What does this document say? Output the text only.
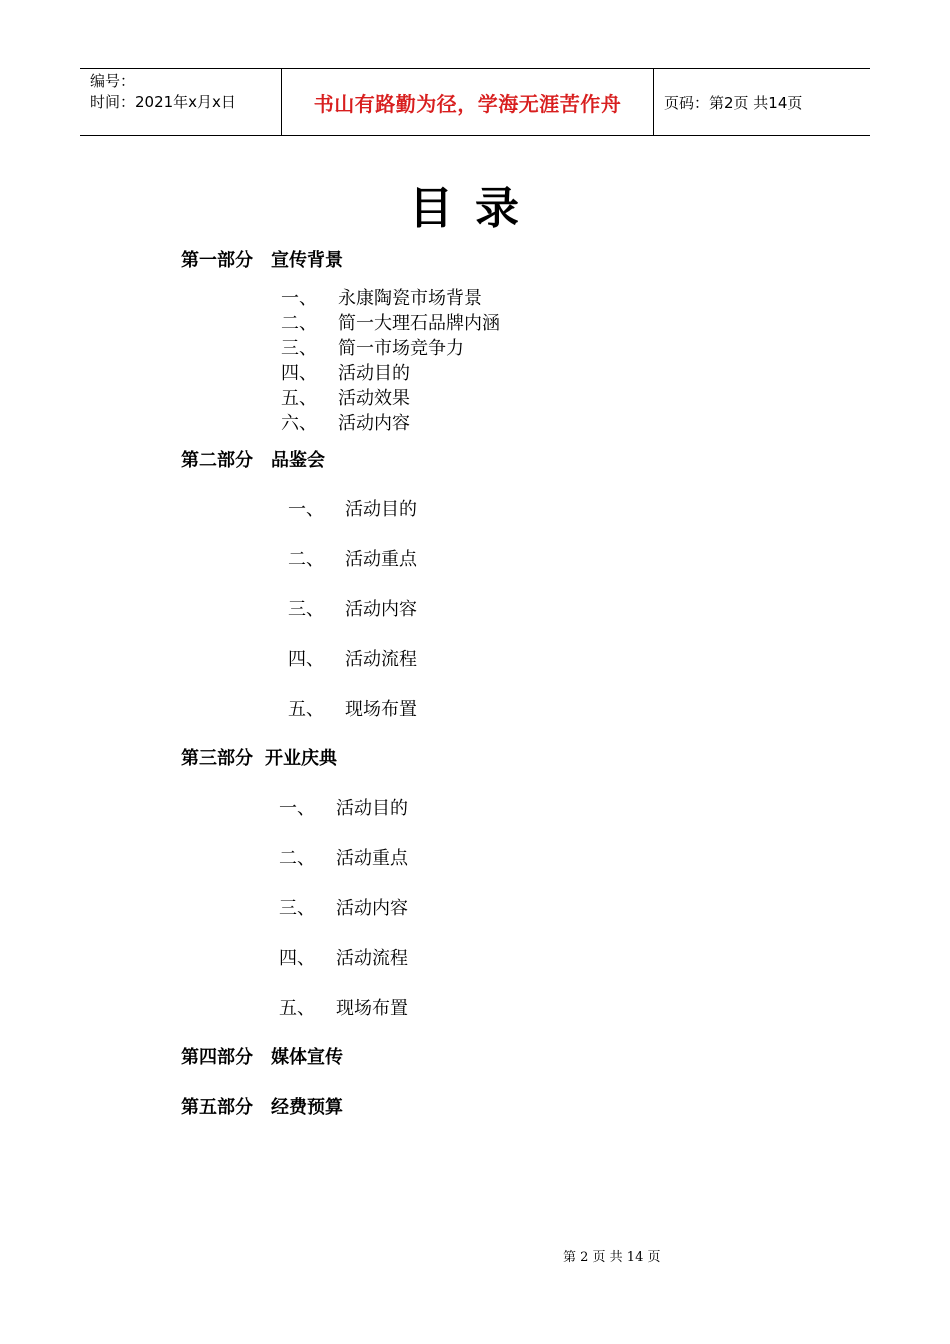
编号：
时间：2021年x月x日	书山有路勤为径，学海无涯苦作舟	页码：第2页 共14页
目录
第一部分 宣传背景
一、 永康陶瓷市场背景
二、 简一大理石品牌内涵
三、 简一市场竞争力
四、 活动目的
五、 活动效果
六、 活动内容
第二部分 品鉴会
一、 活动目的
二、 活动重点
三、 活动内容
四、 活动流程
五、 现场布置
第三部分 开业庆典
一、 活动目的
二、 活动重点
三、 活动内容
四、 活动流程
五、 现场布置
第四部分 媒体宣传
第五部分 经费预算
第 2 页 共 14 页
